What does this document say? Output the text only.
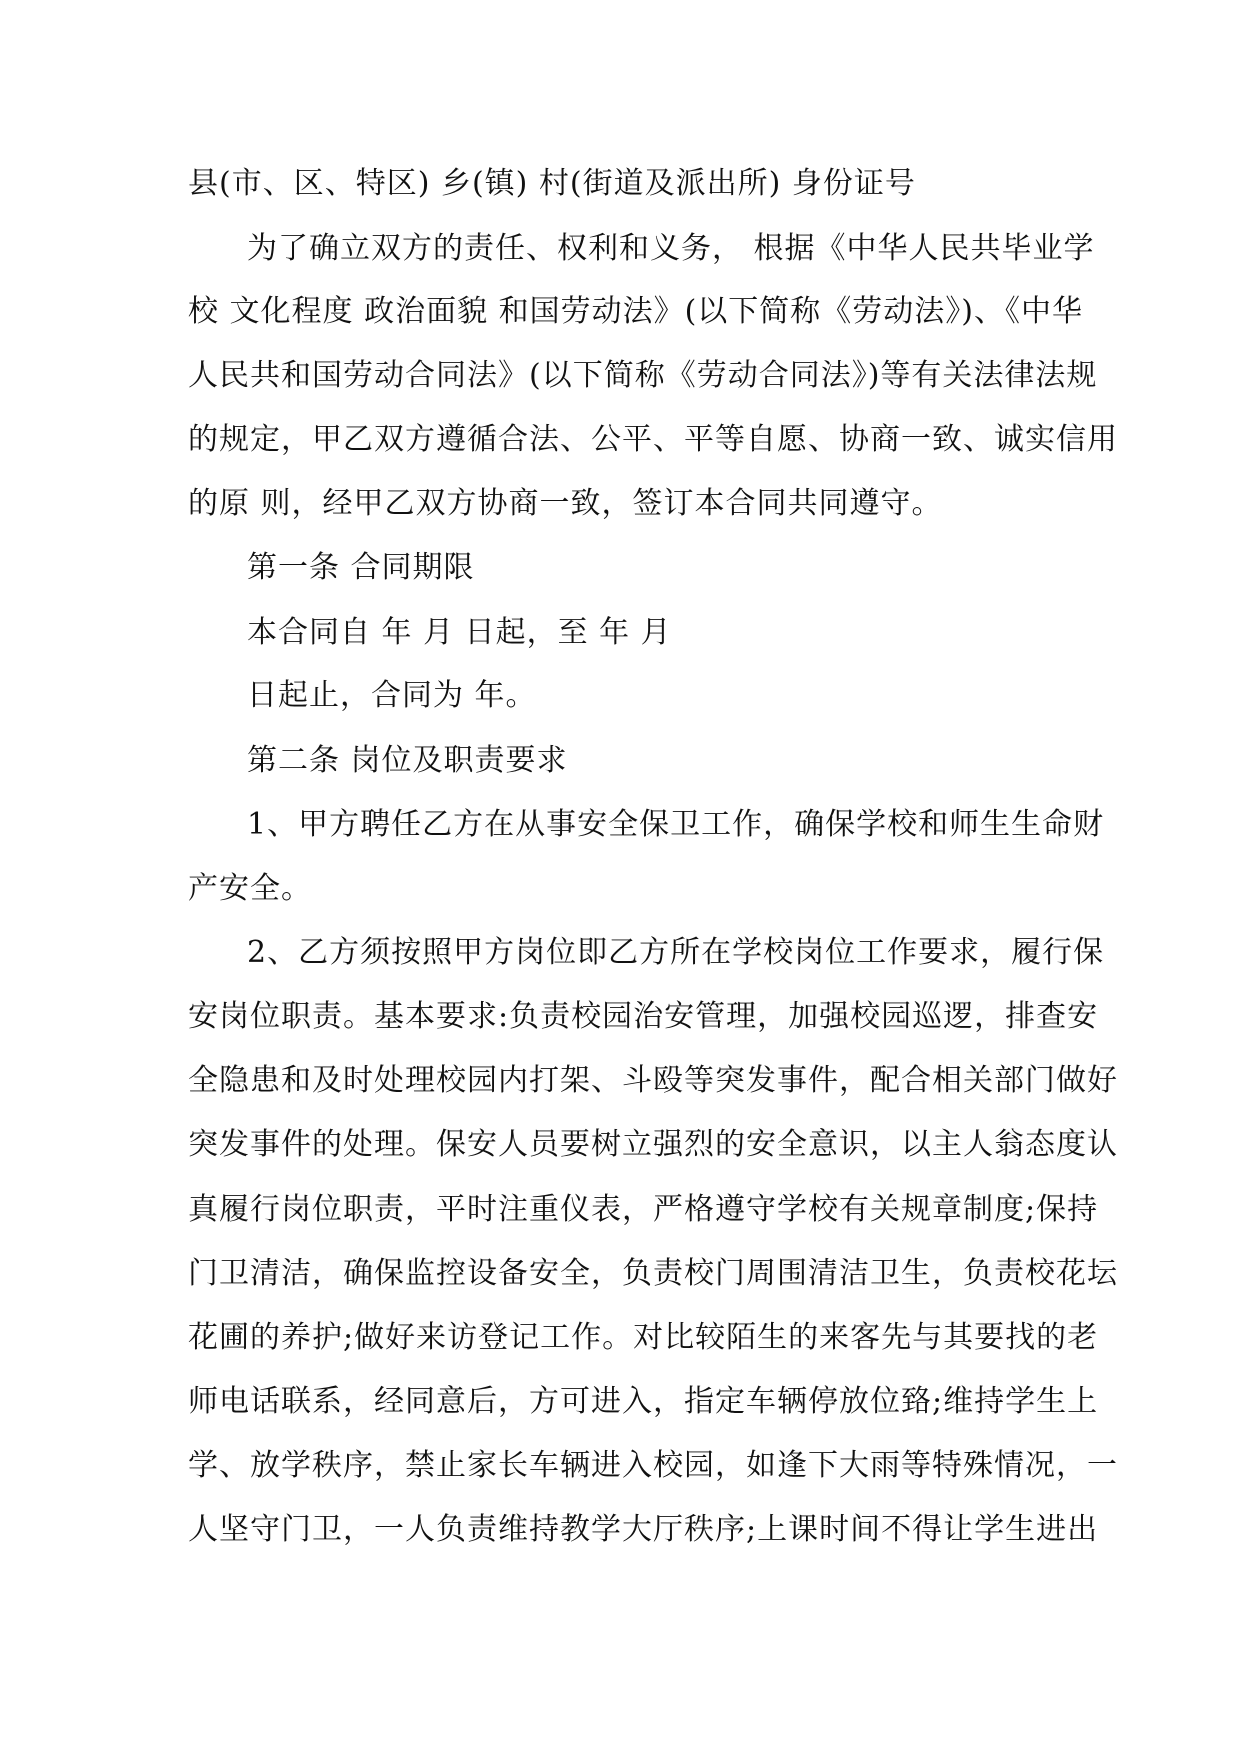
县(市、区、特区) 乡(镇) 村(街道及派出所) 身份证号
为了确立双方的责任、权利和义务， 根据《中华人民共毕业学
校 文化程度 政治面貌 和国劳动法》(以下简称《劳动法》)、《中华
人民共和国劳动合同法》(以下简称《劳动合同法》)等有关法律法规
的规定，甲乙双方遵循合法、公平、平等自愿、协商一致、诚实信用
的原 则，经甲乙双方协商一致，签订本合同共同遵守。
第一条 合同期限
本合同自 年 月 日起，至 年 月
日起止，合同为 年。
第二条 岗位及职责要求
1、甲方聘任乙方在从事安全保卫工作，确保学校和师生生命财
产安全。
2、乙方须按照甲方岗位即乙方所在学校岗位工作要求，履行保
安岗位职责。基本要求:负责校园治安管理，加强校园巡逻，排查安
全隐患和及时处理校园内打架、斗殴等突发事件，配合相关部门做好
突发事件的处理。保安人员要树立强烈的安全意识，以主人翁态度认
真履行岗位职责，平时注重仪表，严格遵守学校有关规章制度;保持
门卫清洁，确保监控设备安全，负责校门周围清洁卫生，负责校花坛
花圃的养护;做好来访登记工作。对比较陌生的来客先与其要找的老
师电话联系，经同意后，方可进入，指定车辆停放位臵;维持学生上
学、放学秩序，禁止家长车辆进入校园，如逢下大雨等特殊情况，一
人坚守门卫，一人负责维持教学大厅秩序;上课时间不得让学生进出
